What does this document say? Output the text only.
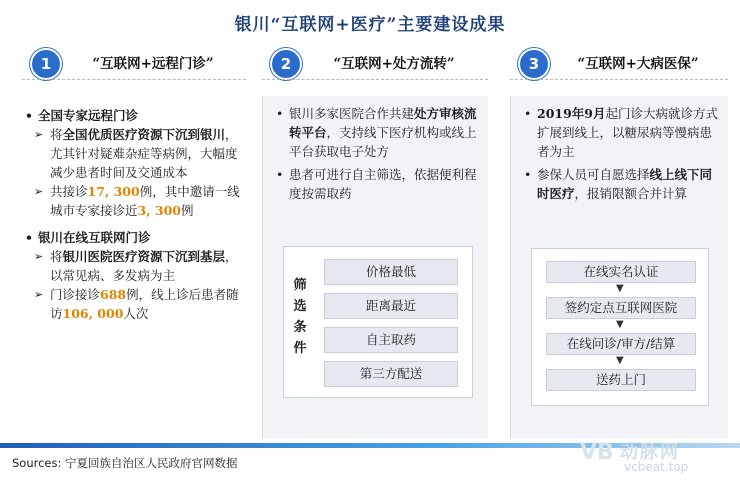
银川“互联网+医疗”主要建设成果
1	“互联网+远程门诊”
• 全国专家远程门诊
➢ 将全国优质医疗资源下沉到银川，尤其针对疑难杂症等病例，大幅度减少患者时间及交通成本
➢ 共接诊17, 300例，其中邀请一线城市专家接诊近3, 300例
• 银川在线互联网门诊
➢ 将银川医院医疗资源下沉到基层，以常见病、多发病为主
➢ 门诊接诊688例，线上诊后患者随访106, 000人次
2	“互联网+处方流转”
• 银川多家医院合作共建处方审核流转平台，支持线下医疗机构或线上平台获取电子处方
• 患者可进行自主筛选，依据便利程度按需取药
筛选条件
价格最低
距离最近
自主取药
第三方配送
3	“互联网+大病医保”
• 2019年9月起门诊大病就诊方式扩展到线上，以糖尿病等慢病患者为主
• 参保人员可自愿选择线上线下同时医疗，报销限额合并计算
在线实名认证
▼
签约定点互联网医院
▼
在线问诊/审方/结算
▼
送药上门
Sources: 宁夏回族自治区人民政府官网数据	VB 动脉网
vcbeat.top
